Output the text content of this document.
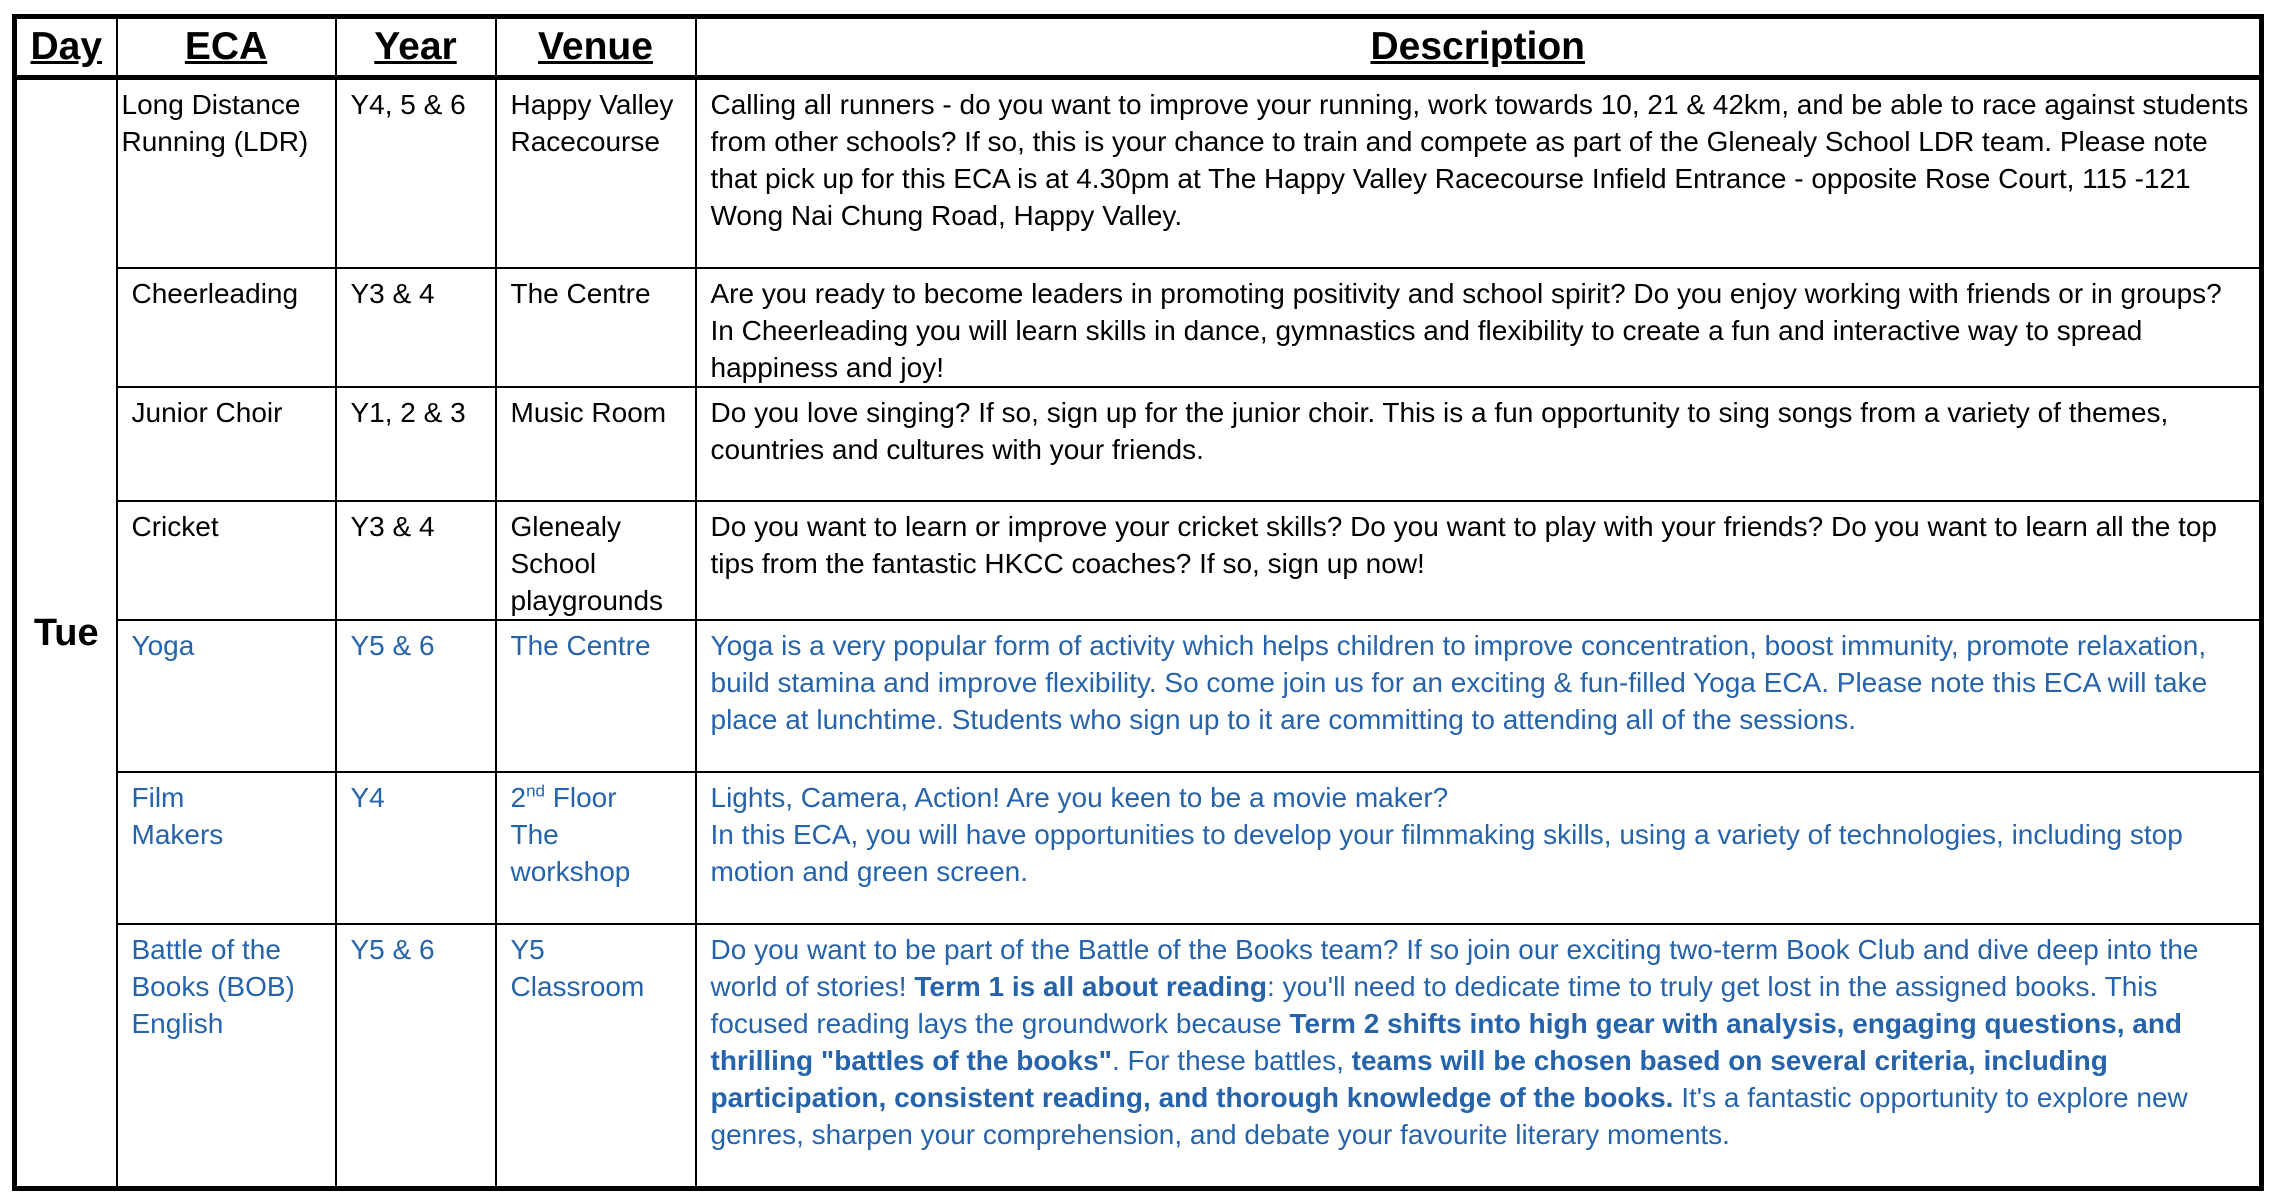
Day	ECA	Year	Venue	Description
Tue	Long Distance Running (LDR)	Y4, 5 & 6	Happy Valley Racecourse	Calling all runners - do you want to improve your running, work towards 10, 21 & 42km, and be able to race against students from other schools? If so, this is your chance to train and compete as part of the Glenealy School LDR team. Please note that pick up for this ECA is at 4.30pm at The Happy Valley Racecourse Infield Entrance - opposite Rose Court, 115 -121 Wong Nai Chung Road, Happy Valley.
	Cheerleading	Y3 & 4	The Centre	Are you ready to become leaders in promoting positivity and school spirit? Do you enjoy working with friends or in groups? In Cheerleading you will learn skills in dance, gymnastics and flexibility to create a fun and interactive way to spread happiness and joy!
	Junior Choir	Y1, 2 & 3	Music Room	Do you love singing? If so, sign up for the junior choir. This is a fun opportunity to sing songs from a variety of themes, countries and cultures with your friends.
	Cricket	Y3 & 4	Glenealy School playgrounds	Do you want to learn or improve your cricket skills? Do you want to play with your friends? Do you want to learn all the top tips from the fantastic HKCC coaches? If so, sign up now!
	Yoga	Y5 & 6	The Centre	Yoga is a very popular form of activity which helps children to improve concentration, boost immunity, promote relaxation, build stamina and improve flexibility. So come join us for an exciting & fun-filled Yoga ECA. Please note this ECA will take place at lunchtime. Students who sign up to it are committing to attending all of the sessions.
	Film Makers	Y4	2nd Floor The workshop	Lights, Camera, Action! Are you keen to be a movie maker?
In this ECA, you will have opportunities to develop your filmmaking skills, using a variety of technologies, including stop motion and green screen.

	Battle of the Books (BOB) English	Y5 & 6	Y5 Classroom	Do you want to be part of the Battle of the Books team? If so join our exciting two-term Book Club and dive deep into the world of stories! Term 1 is all about reading: you'll need to dedicate time to truly get lost in the assigned books. This focused reading lays the groundwork because Term 2 shifts into high gear with analysis, engaging questions, and thrilling "battles of the books". For these battles, teams will be chosen based on several criteria, including participation, consistent reading, and thorough knowledge of the books. It's a fantastic opportunity to explore new genres, sharpen your comprehension, and debate your favourite literary moments.
